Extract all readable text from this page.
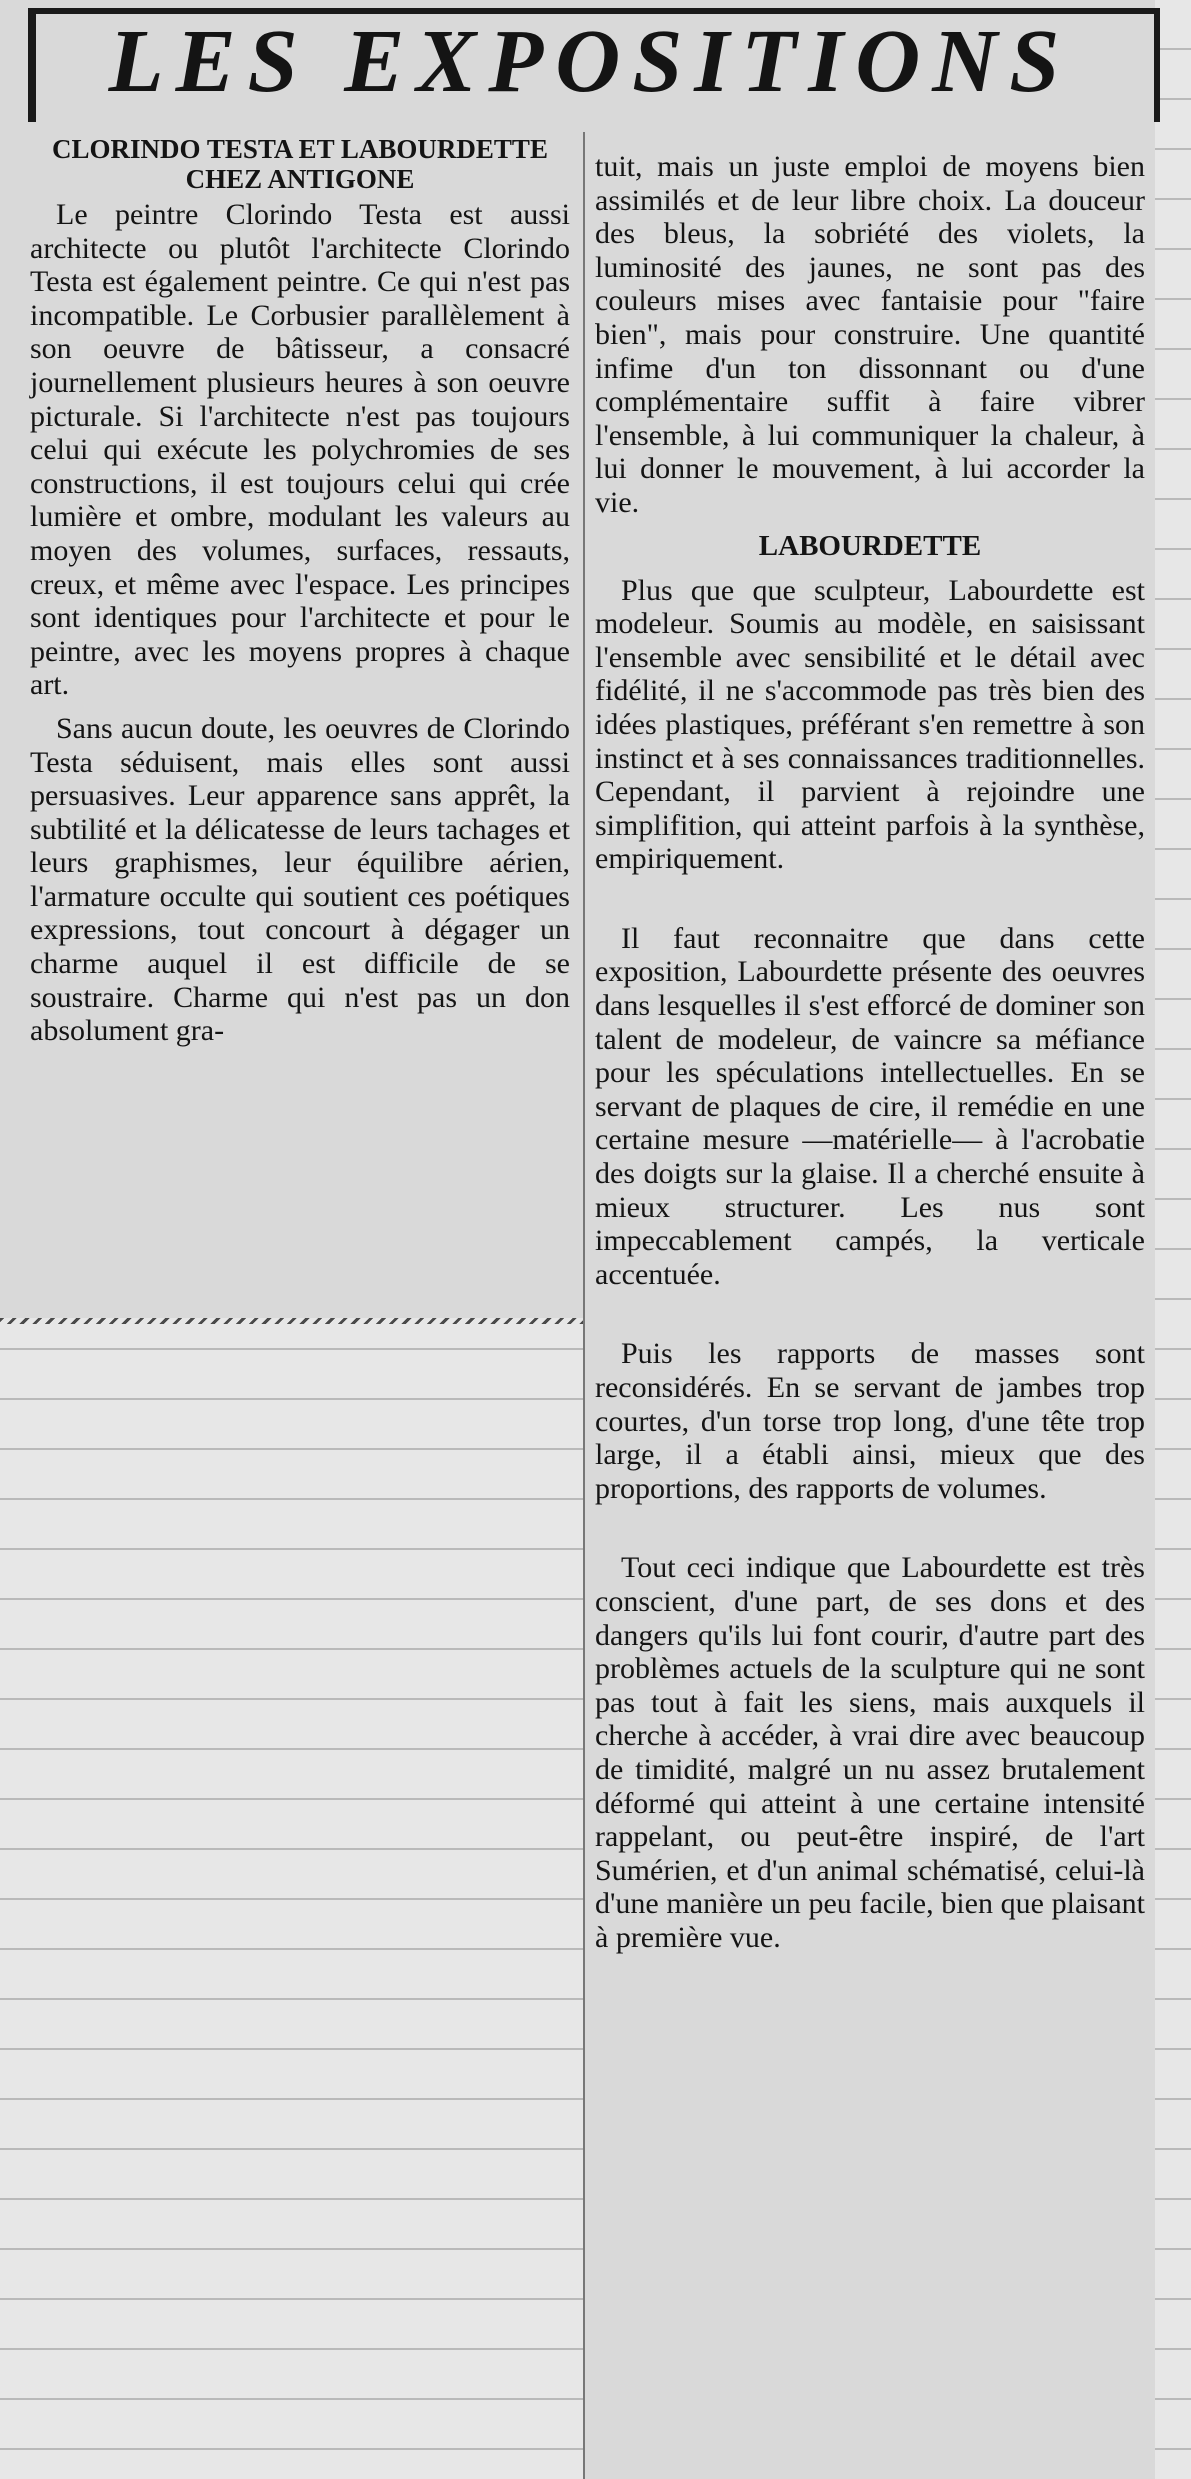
LES EXPOSITIONS
CLORINDO TESTA ET LABOURDETTE CHEZ ANTIGONE

Le peintre Clorindo Testa est aussi architecte ou plutôt l'architecte Clorindo Testa est également peintre. Ce qui n'est pas incompatible. Le Corbusier parallèlement à son oeuvre de bâtisseur, a consacré journellement plusieurs heures à son oeuvre picturale. Si l'architecte n'est pas toujours celui qui exécute les polychromies de ses constructions, il est toujours celui qui crée lumière et ombre, modulant les valeurs au moyen des volumes, surfaces, ressauts, creux, et même avec l'espace. Les principes sont identiques pour l'architecte et pour le peintre, avec les moyens propres à chaque art.

Sans aucun doute, les oeuvres de Clorindo Testa séduisent, mais elles sont aussi persuasives. Leur apparence sans apprêt, la subtilité et la délicatesse de leurs tachages et leurs graphismes, leur équilibre aérien, l'armature occulte qui soutient ces poétiques expressions, tout concourt à dégager un charme auquel il est difficile de se soustraire. Charme qui n'est pas un don absolument gra-

tuit, mais un juste emploi de moyens bien assimilés et de leur libre choix. La douceur des bleus, la sobriété des violets, la luminosité des jaunes, ne sont pas des couleurs mises avec fantaisie pour "faire bien", mais pour construire. Une quantité infime d'un ton dissonnant ou d'une complémentaire suffit à faire vibrer l'ensemble, à lui communiquer la chaleur, à lui donner le mouvement, à lui accorder la vie.

LABOURDETTE

Plus que que sculpteur, Labourdette est modeleur. Soumis au modèle, en saisissant l'ensemble avec sensibilité et le détail avec fidélité, il ne s'accommode pas très bien des idées plastiques, préférant s'en remettre à son instinct et à ses connaissances traditionnelles. Cependant, il parvient à rejoindre une simplifition, qui atteint parfois à la synthèse, empiriquement.

Il faut reconnaitre que dans cette exposition, Labourdette présente des oeuvres dans lesquelles il s'est efforcé de dominer son talent de modeleur, de vaincre sa méfiance pour les spéculations intellectuelles. En se servant de plaques de cire, il remédie en une certaine mesure —matérielle— à l'acrobatie des doigts sur la glaise. Il a cherché ensuite à mieux structurer. Les nus sont impeccablement campés, la verticale accentuée.

Puis les rapports de masses sont reconsidérés. En se servant de jambes trop courtes, d'un torse trop long, d'une tête trop large, il a établi ainsi, mieux que des proportions, des rapports de volumes.

Tout ceci indique que Labourdette est très conscient, d'une part, de ses dons et des dangers qu'ils lui font courir, d'autre part des problèmes actuels de la sculpture qui ne sont pas tout à fait les siens, mais auxquels il cherche à accéder, à vrai dire avec beaucoup de timidité, malgré un nu assez brutalement déformé qui atteint à une certaine intensité rappelant, ou peut-être inspiré, de l'art Sumérien, et d'un animal schématisé, celui-là d'une manière un peu facile, bien que plaisant à première vue.
